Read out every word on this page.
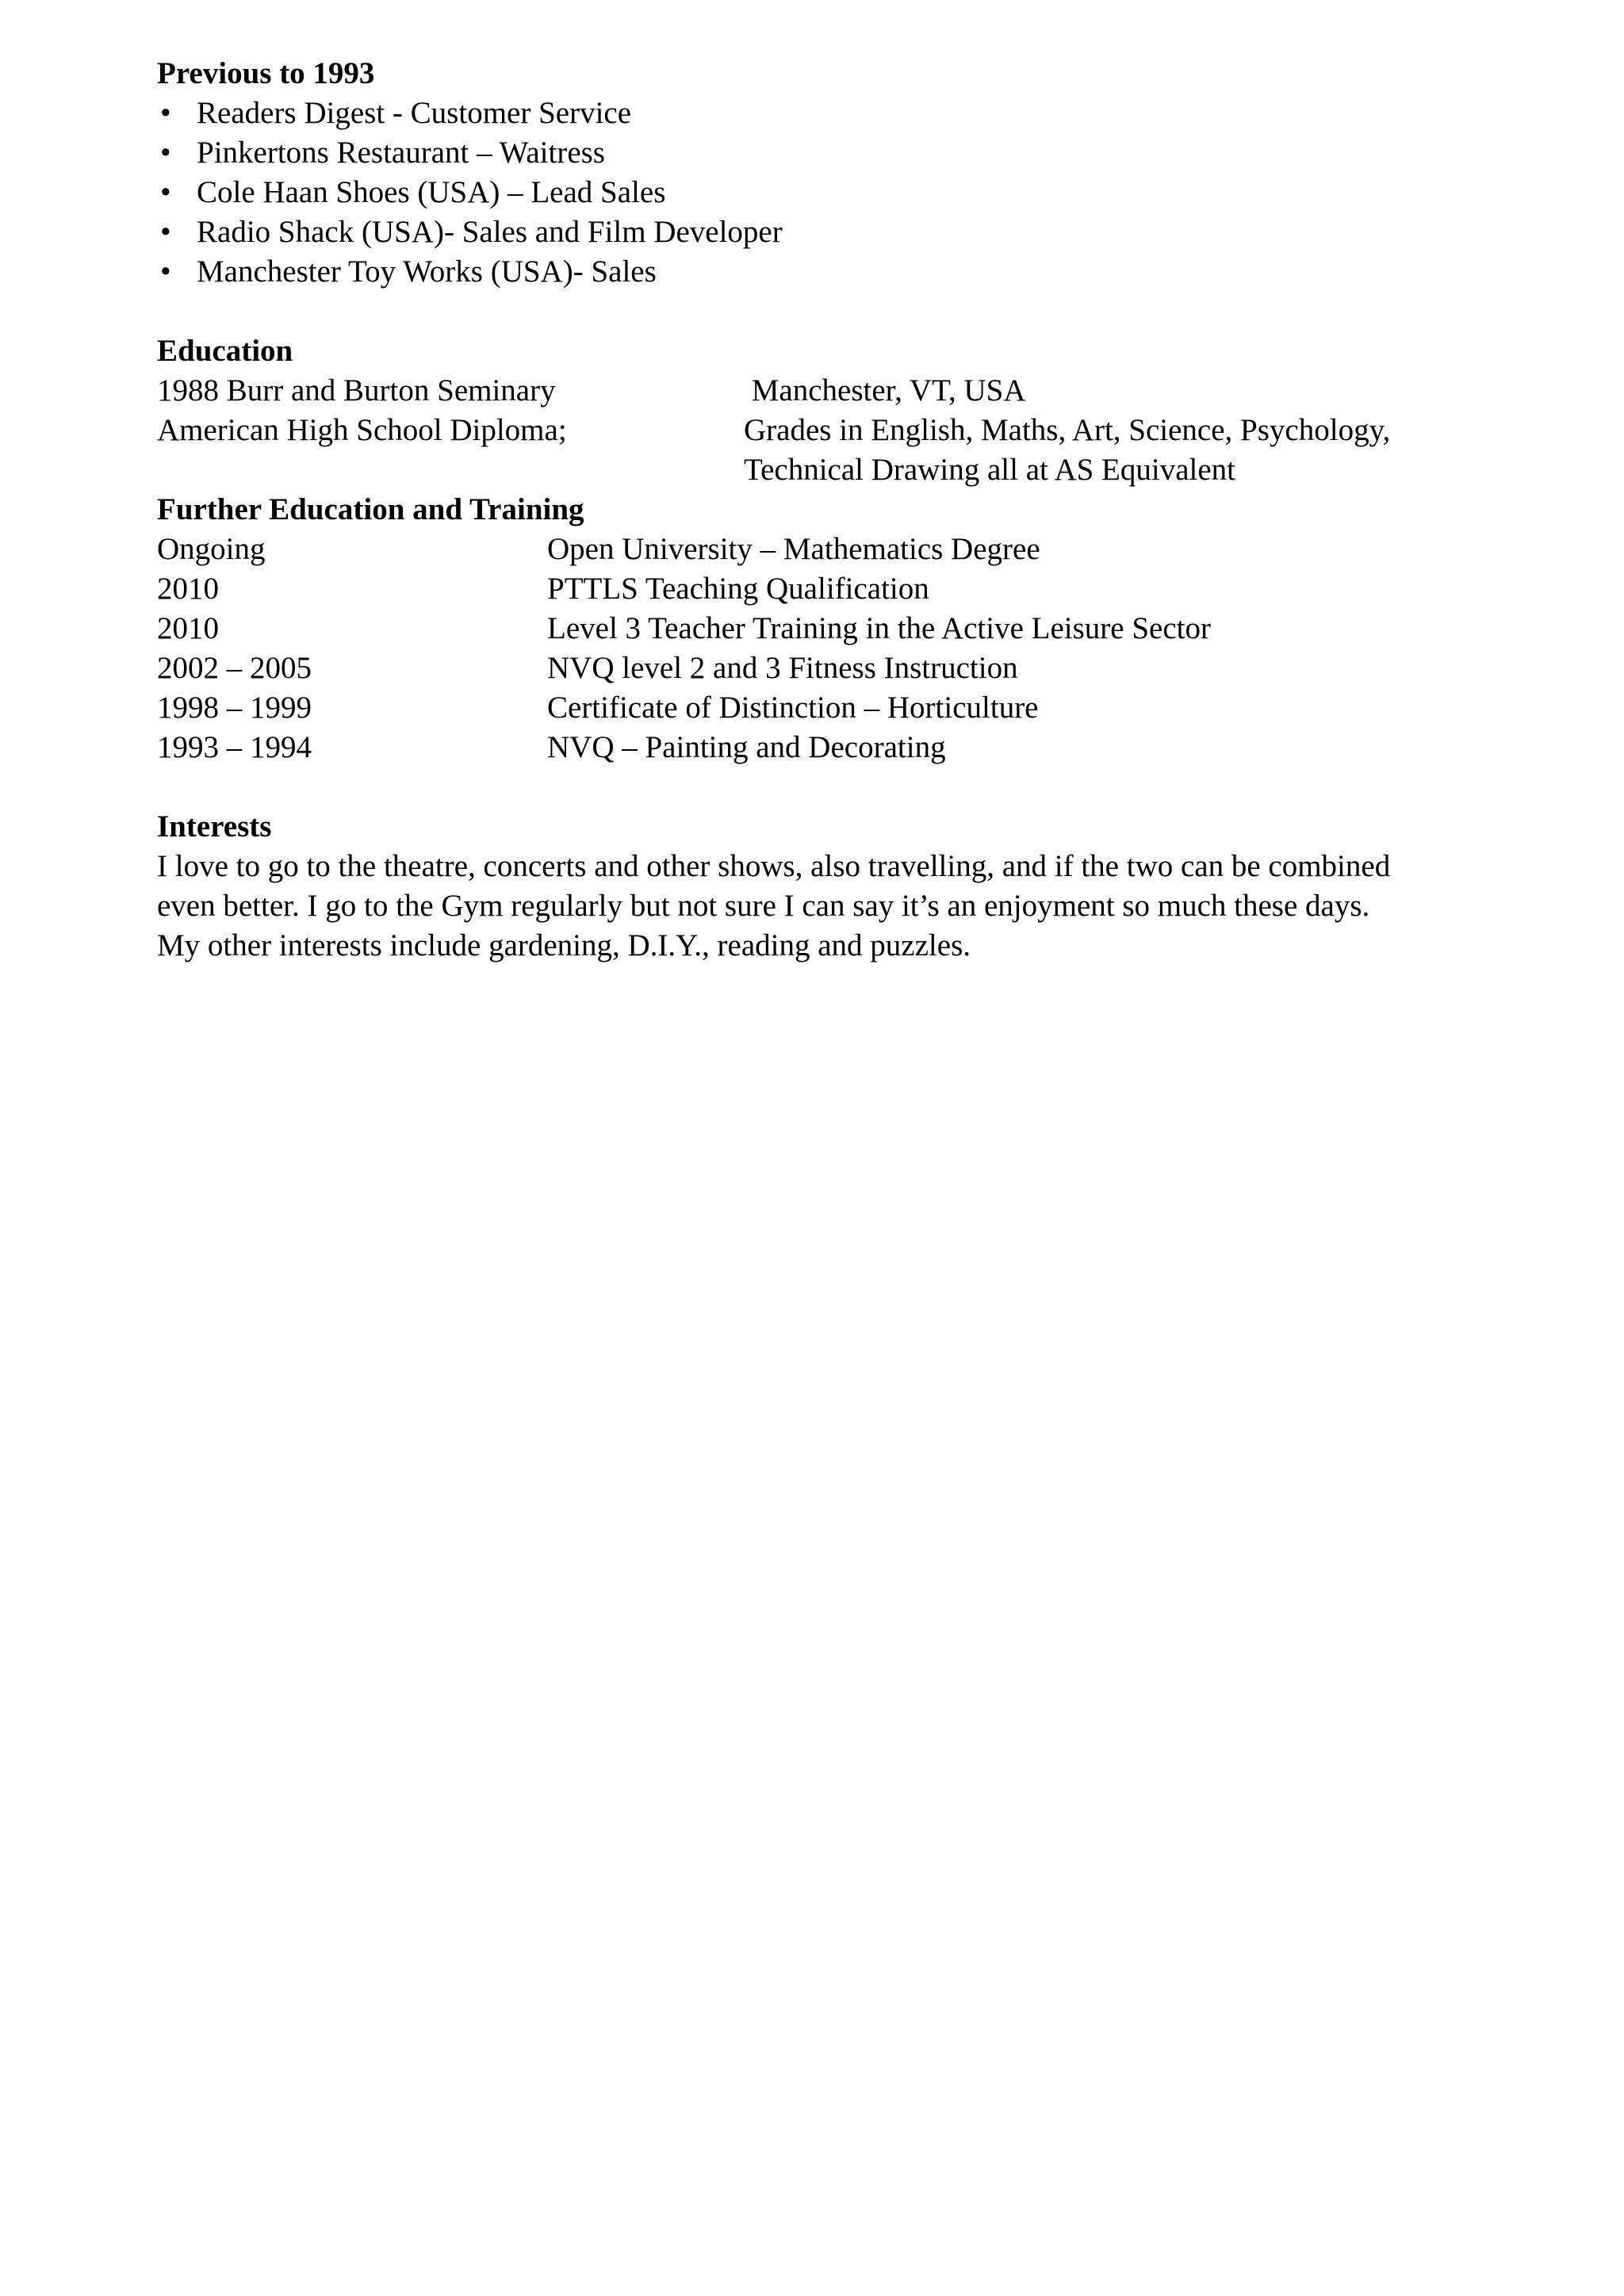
Previous to 1993
• Readers Digest - Customer Service
• Pinkertons Restaurant – Waitress
• Cole Haan Shoes (USA) – Lead Sales
• Radio Shack (USA)- Sales and Film Developer
• Manchester Toy Works (USA)- Sales
Education
1988 Burr and Burton Seminary	Manchester, VT, USA
American High School Diploma;	Grades in English, Maths, Art, Science, Psychology,
Technical Drawing all at AS Equivalent
Further Education and Training
Ongoing	Open University – Mathematics Degree
2010	PTTLS Teaching Qualification
2010	Level 3 Teacher Training in the Active Leisure Sector
2002 – 2005	NVQ level 2 and 3 Fitness Instruction
1998 – 1999	Certificate of Distinction – Horticulture
1993 – 1994	NVQ – Painting and Decorating
Interests
I love to go to the theatre, concerts and other shows, also travelling, and if the two can be combined
even better. I go to the Gym regularly but not sure I can say it’s an enjoyment so much these days.
My other interests include gardening, D.I.Y., reading and puzzles.
